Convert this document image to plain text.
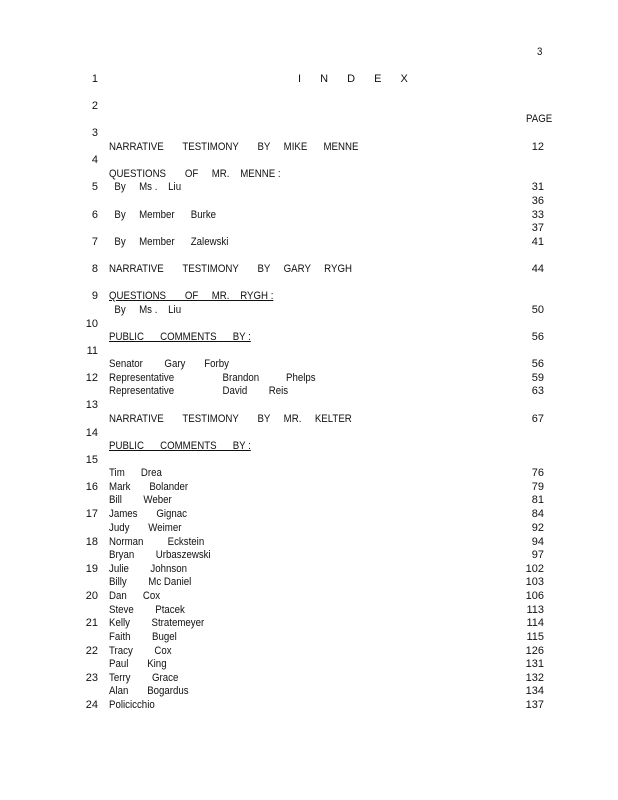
3
I N D E X
PAGE
1
2
3
4
5
6
7
8
9
10
11
12
13
14
15
16
17
18
19
20
21
22
23
24
NARRATIVE       TESTIMONY       BY     MIKE      MENNE	12
QUESTIONS       OF     MR.    MENNE :
By     Ms .    Liu	31
36
By     Member      Burke	33
37
By     Member      Zalewski	41
NARRATIVE       TESTIMONY       BY     GARY     RYGH	44
QUESTIONS       OF     MR.    RYGH :
By     Ms .    Liu	50
PUBLIC      COMMENTS      BY :	56
Senator        Gary       Forby	56
Representative                  Brandon          Phelps	59
Representative                  David        Reis	63
NARRATIVE       TESTIMONY       BY     MR.     KELTER	67
PUBLIC      COMMENTS      BY :
Tim      Drea	76
Mark       Bolander	79
Bill        Weber	81
James       Gignac	84
Judy       Weimer	92
Norman         Eckstein	94
Bryan        Urbaszewski	97
Julie        Johnson	102
Billy        Mc Daniel	103
Dan      Cox	106
Steve        Ptacek	113
Kelly        Stratemeyer	114
Faith        Bugel	115
Tracy        Cox	126
Paul       King	131
Terry        Grace	132
Alan       Bogardus	134
Policicchio	137
